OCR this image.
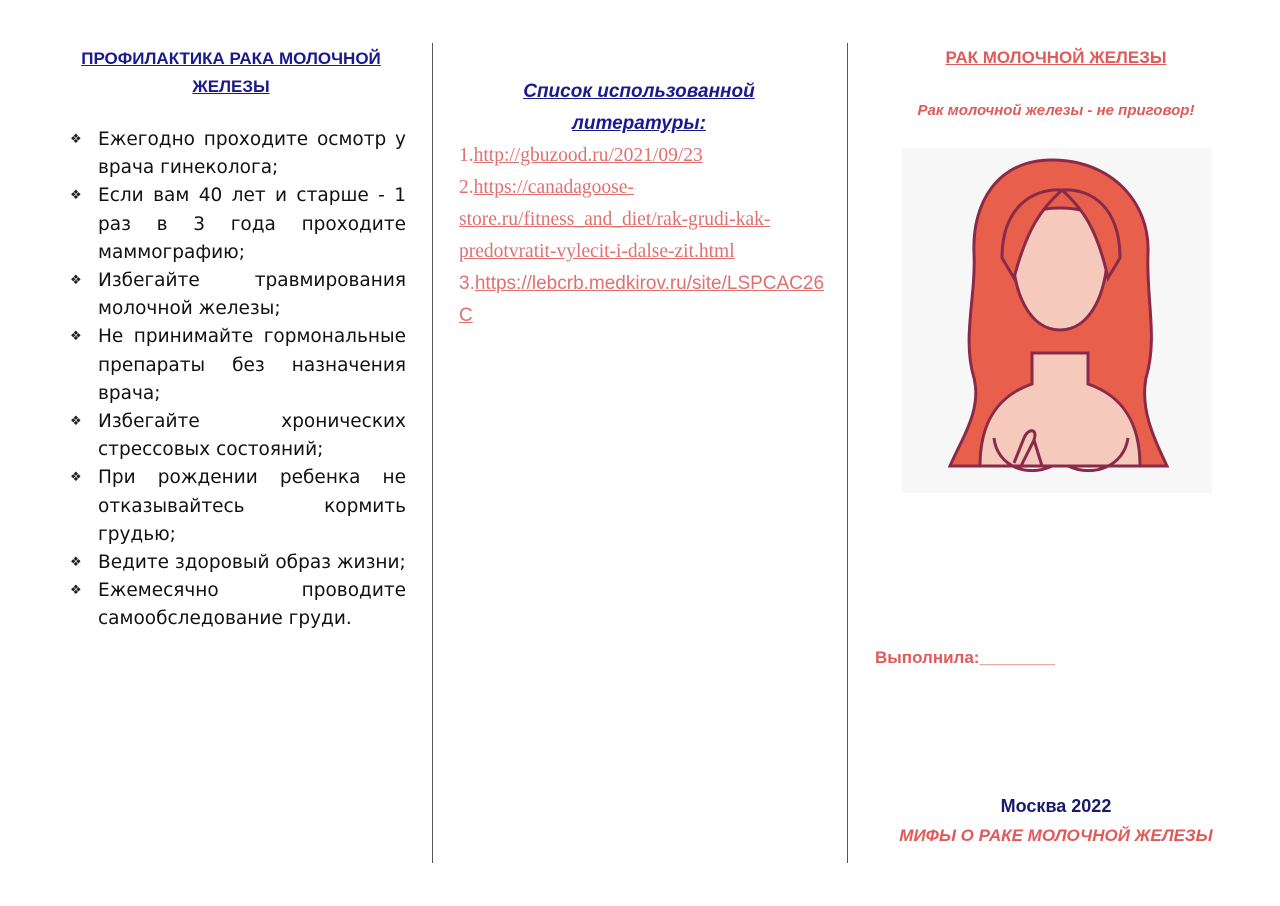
ПРОФИЛАКТИКА РАКА МОЛОЧНОЙ ЖЕЛЕЗЫ
❖ Ежегодно проходите осмотр у врача гинеколога;
❖ Если вам 40 лет и старше - 1 раз в 3 года проходите маммографию;
❖ Избегайте травмирования молочной железы;
❖ Не принимайте гормональные препараты без назначения врача;
❖ Избегайте хронических стрессовых состояний;
❖ При рождении ребенка не отказывайтесь кормить грудью;
❖ Ведите здоровый образ жизни;
❖ Ежемесячно проводите самообследование груди.
Список использованной литературы:
1.http://gbuzood.ru/2021/09/23
2.https://canadagoose-store.ru/fitness_and_diet/rak-grudi-kak-predotvratit-vylecit-i-dalse-zit.html
3.https://lebcrb.medkirov.ru/site/LSPCAC26C
РАК МОЛОЧНОЙ ЖЕЛЕЗЫ
Рак молочной железы - не приговор!
Выполнила:________
Москва 2022
МИФЫ О РАКЕ МОЛОЧНОЙ ЖЕЛЕЗЫ
